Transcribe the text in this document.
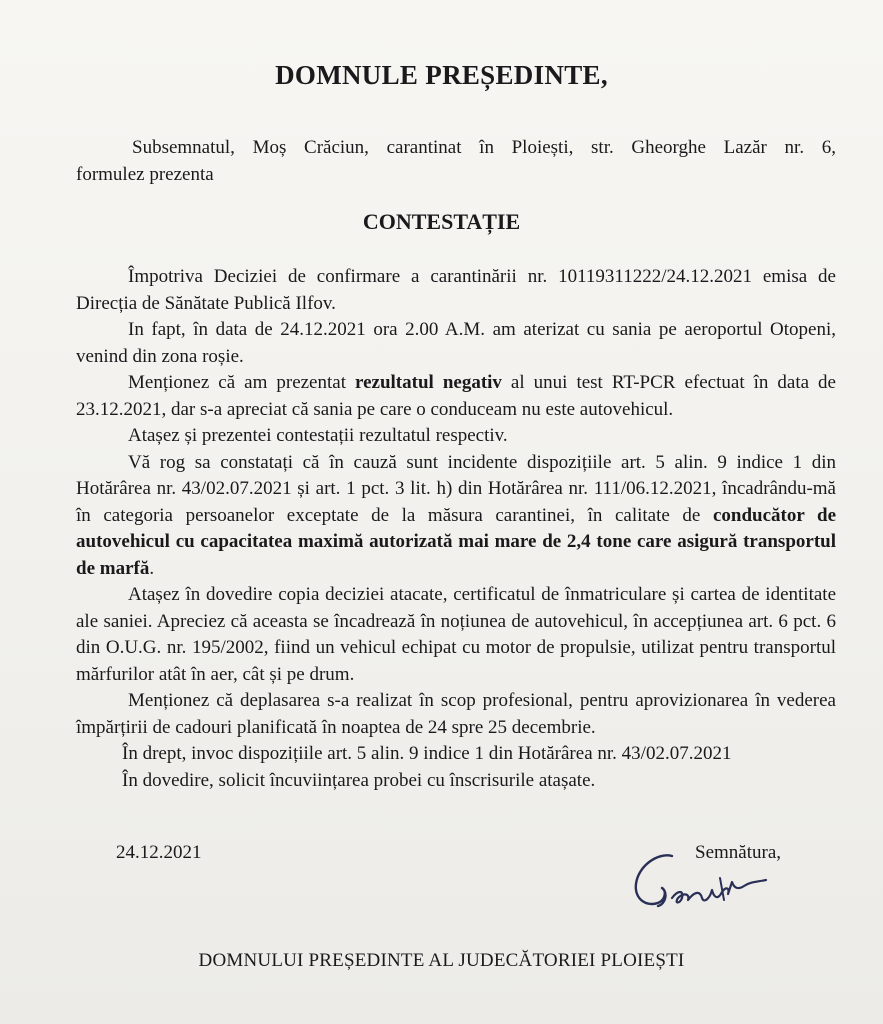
DOMNULE PREȘEDINTE,
Subsemnatul, Moș Crăciun, carantinat în Ploiești, str. Gheorghe Lazăr nr. 6,
formulez prezenta
CONTESTAȚIE

Împotriva Deciziei de confirmare a carantinării nr. 10119311222/24.12.2021 emisa de Direcția de Sănătate Publică Ilfov.

In fapt, în data de 24.12.2021 ora 2.00 A.M. am aterizat cu sania pe aeroportul Otopeni, venind din zona roșie.

Menționez că am prezentat rezultatul negativ al unui test RT-PCR efectuat în data de 23.12.2021, dar s-a apreciat că sania pe care o conduceam nu este autovehicul.

Atașez și prezentei contestații rezultatul respectiv.

Vă rog sa constatați că în cauză sunt incidente dispozițiile art. 5 alin. 9 indice 1 din Hotărârea nr. 43/02.07.2021 și art. 1 pct. 3 lit. h) din Hotărârea nr. 111/06.12.2021, încadrându-mă în categoria persoanelor exceptate de la măsura carantinei, în calitate de conducător de autovehicul cu capacitatea maximă autorizată mai mare de 2,4 tone care asigură transportul de marfă.

Atașez în dovedire copia deciziei atacate, certificatul de înmatriculare și cartea de identitate ale saniei. Apreciez că aceasta se încadrează în noțiunea de autovehicul, în accepțiunea art. 6 pct. 6 din O.U.G. nr. 195/2002, fiind un vehicul echipat cu motor de propulsie, utilizat pentru transportul mărfurilor atât în aer, cât și pe drum.

Menționez că deplasarea s-a realizat în scop profesional, pentru aprovizionarea în vederea împărțirii de cadouri planificată în noaptea de 24 spre 25 decembrie.

În drept, invoc dispozițiile art. 5 alin. 9 indice 1 din Hotărârea nr. 43/02.07.2021

În dovedire, solicit încuviințarea probei cu înscrisurile atașate.

24.12.2021	Semnătura,
DOMNULUI PREȘEDINTE AL JUDECĂTORIEI PLOIEȘTI
